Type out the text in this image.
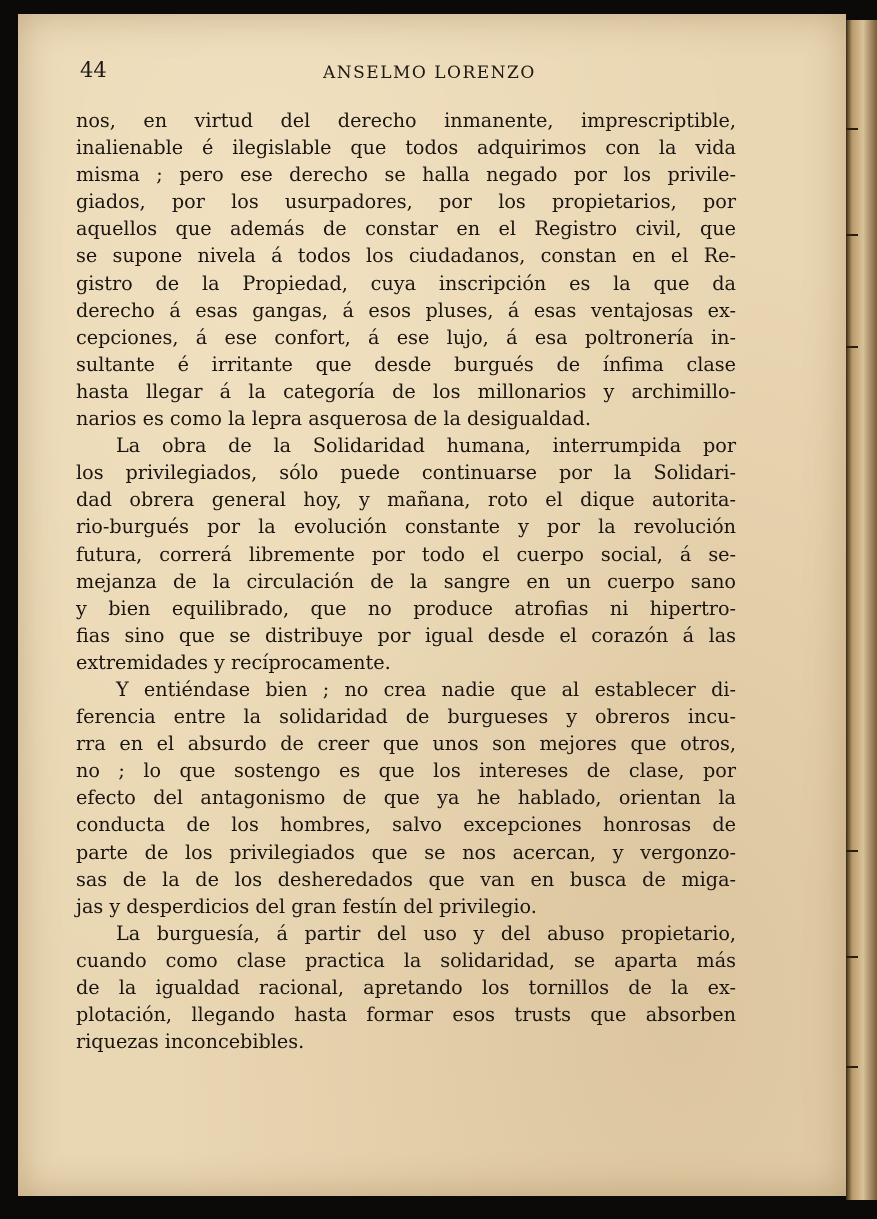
44	ANSELMO LORENZO
nos, en virtud del derecho inmanente, imprescriptible,
inalienable é ilegislable que todos adquirimos con la vida
misma ; pero ese derecho se halla negado por los privile-
giados, por los usurpadores, por los propietarios, por
aquellos que además de constar en el Registro civil, que
se supone nivela á todos los ciudadanos, constan en el Re-
gistro de la Propiedad, cuya inscripción es la que da
derecho á esas gangas, á esos pluses, á esas ventajosas ex-
cepciones, á ese confort, á ese lujo, á esa poltronería in-
sultante é irritante que desde burgués de ínfima clase
hasta llegar á la categoría de los millonarios y archimillo-
narios es como la lepra asquerosa de la desigualdad.
La obra de la Solidaridad humana, interrumpida por
los privilegiados, sólo puede continuarse por la Solidari-
dad obrera general hoy, y mañana, roto el dique autorita-
rio-burgués por la evolución constante y por la revolución
futura, correrá libremente por todo el cuerpo social, á se-
mejanza de la circulación de la sangre en un cuerpo sano
y bien equilibrado, que no produce atrofias ni hipertro-
fias sino que se distribuye por igual desde el corazón á las
extremidades y recíprocamente.
Y entiéndase bien ; no crea nadie que al establecer di-
ferencia entre la solidaridad de burgueses y obreros incu-
rra en el absurdo de creer que unos son mejores que otros,
no ; lo que sostengo es que los intereses de clase, por
efecto del antagonismo de que ya he hablado, orientan la
conducta de los hombres, salvo excepciones honrosas de
parte de los privilegiados que se nos acercan, y vergonzo-
sas de la de los desheredados que van en busca de miga-
jas y desperdicios del gran festín del privilegio.
La burguesía, á partir del uso y del abuso propietario,
cuando como clase practica la solidaridad, se aparta más
de la igualdad racional, apretando los tornillos de la ex-
plotación, llegando hasta formar esos trusts que absorben
riquezas inconcebibles.
